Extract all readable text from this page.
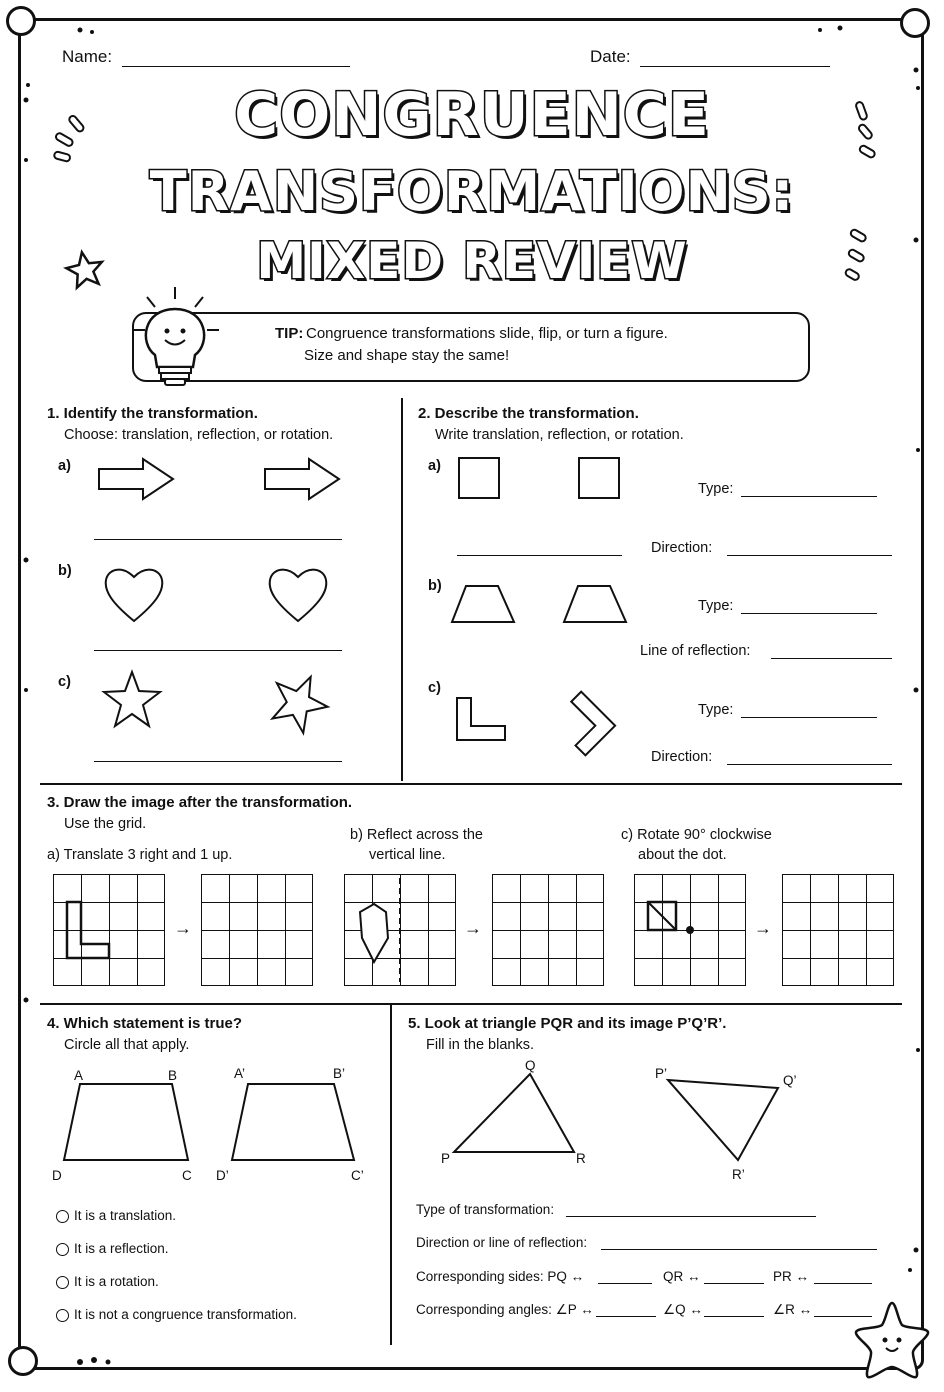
Name:	Date:
CONGRUENCE
TRANSFORMATIONS:
MIXED REVIEW
TIP: Congruence transformations slide, flip, or turn a figure.
Size and shape stay the same!
1. Identify the transformation.
Choose: translation, reflection, or rotation.
a)
b)
c)
2. Describe the transformation.
Write translation, reflection, or rotation.
a)
Type:
Direction:
b)
Type:
Line of reflection:
c)
Type:
Direction:
3. Draw the image after the transformation.
Use the grid.
a) Translate 3 right and 1 up.
b) Reflect across the
vertical line.
c) Rotate 90° clockwise
about the dot.
→	→	→
4. Which statement is true?
Circle all that apply.
A	B
C
D
A’	B’
C’
D’
It is a translation.
It is a reflection.
It is a rotation.
It is not a congruence transformation.
5. Look at triangle PQR and its image P’Q’R’.
Fill in the blanks.
Q
P	R
P’	Q’
R’
Type of transformation:
Direction or line of reflection:
Corresponding sides: PQ ↔	QR ↔	PR ↔
Corresponding angles: ∠P ↔	∠Q ↔	∠R ↔
